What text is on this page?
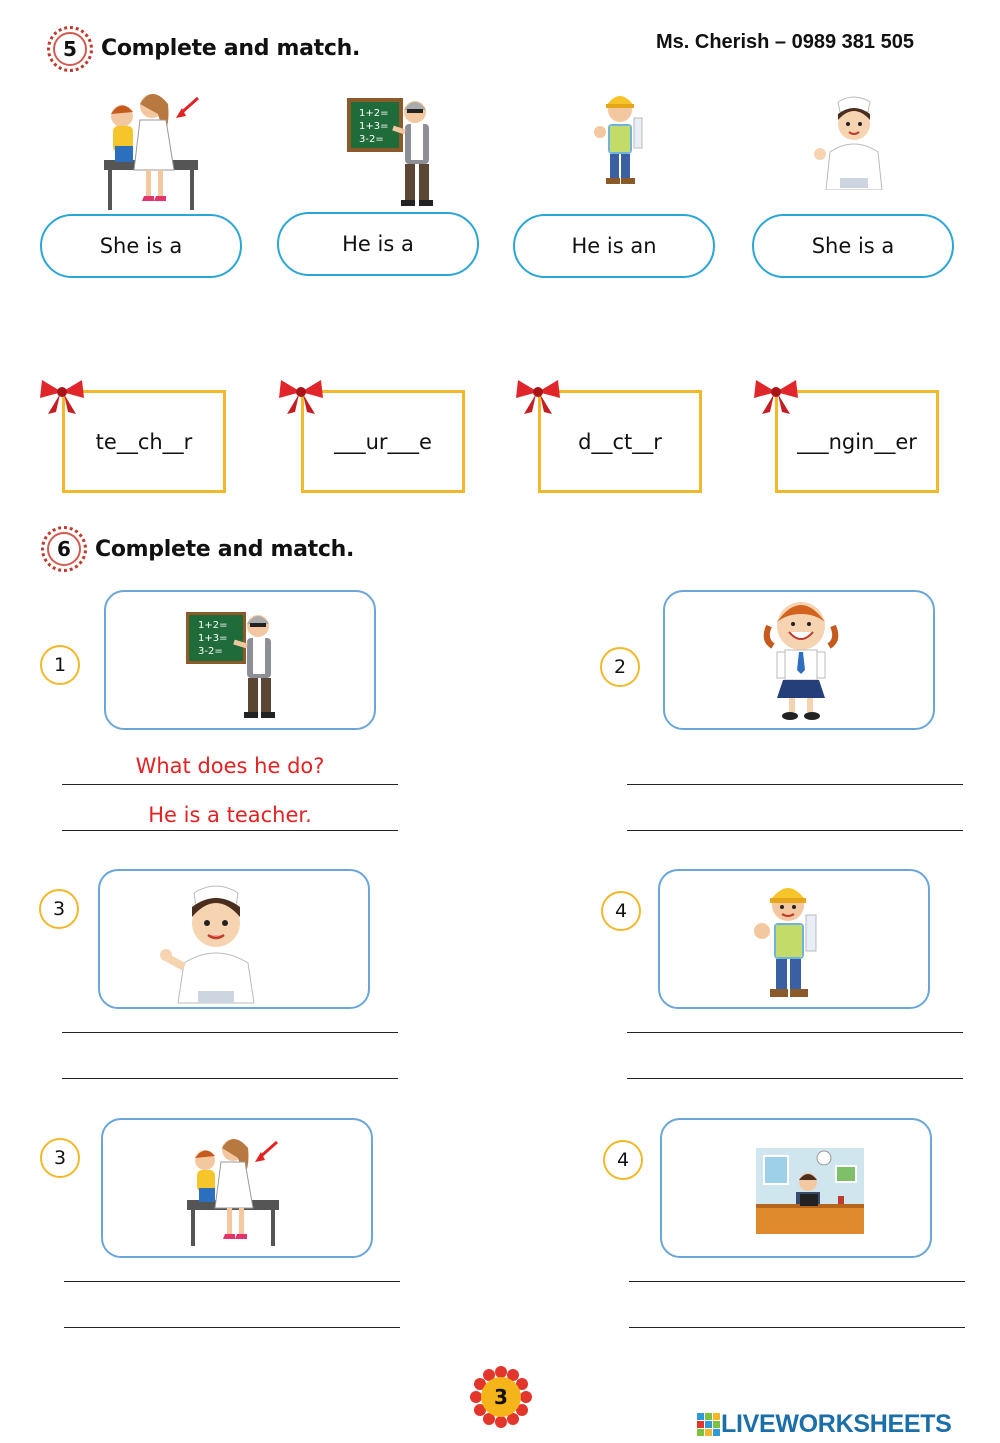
5 Complete and match.	Ms. Cherish – 0989 381 505
1+2=
1+3=
3-2=
She is a	He is a	He is an	She is a
te__ch__r	___ur___e	d__ct__r	___ngin__er
6 Complete and match.
1
1+2=
1+3=
3-2=
What does he do?
He is a teacher.
2
3	4
3	4
3
LIVEWORKSHEETS
